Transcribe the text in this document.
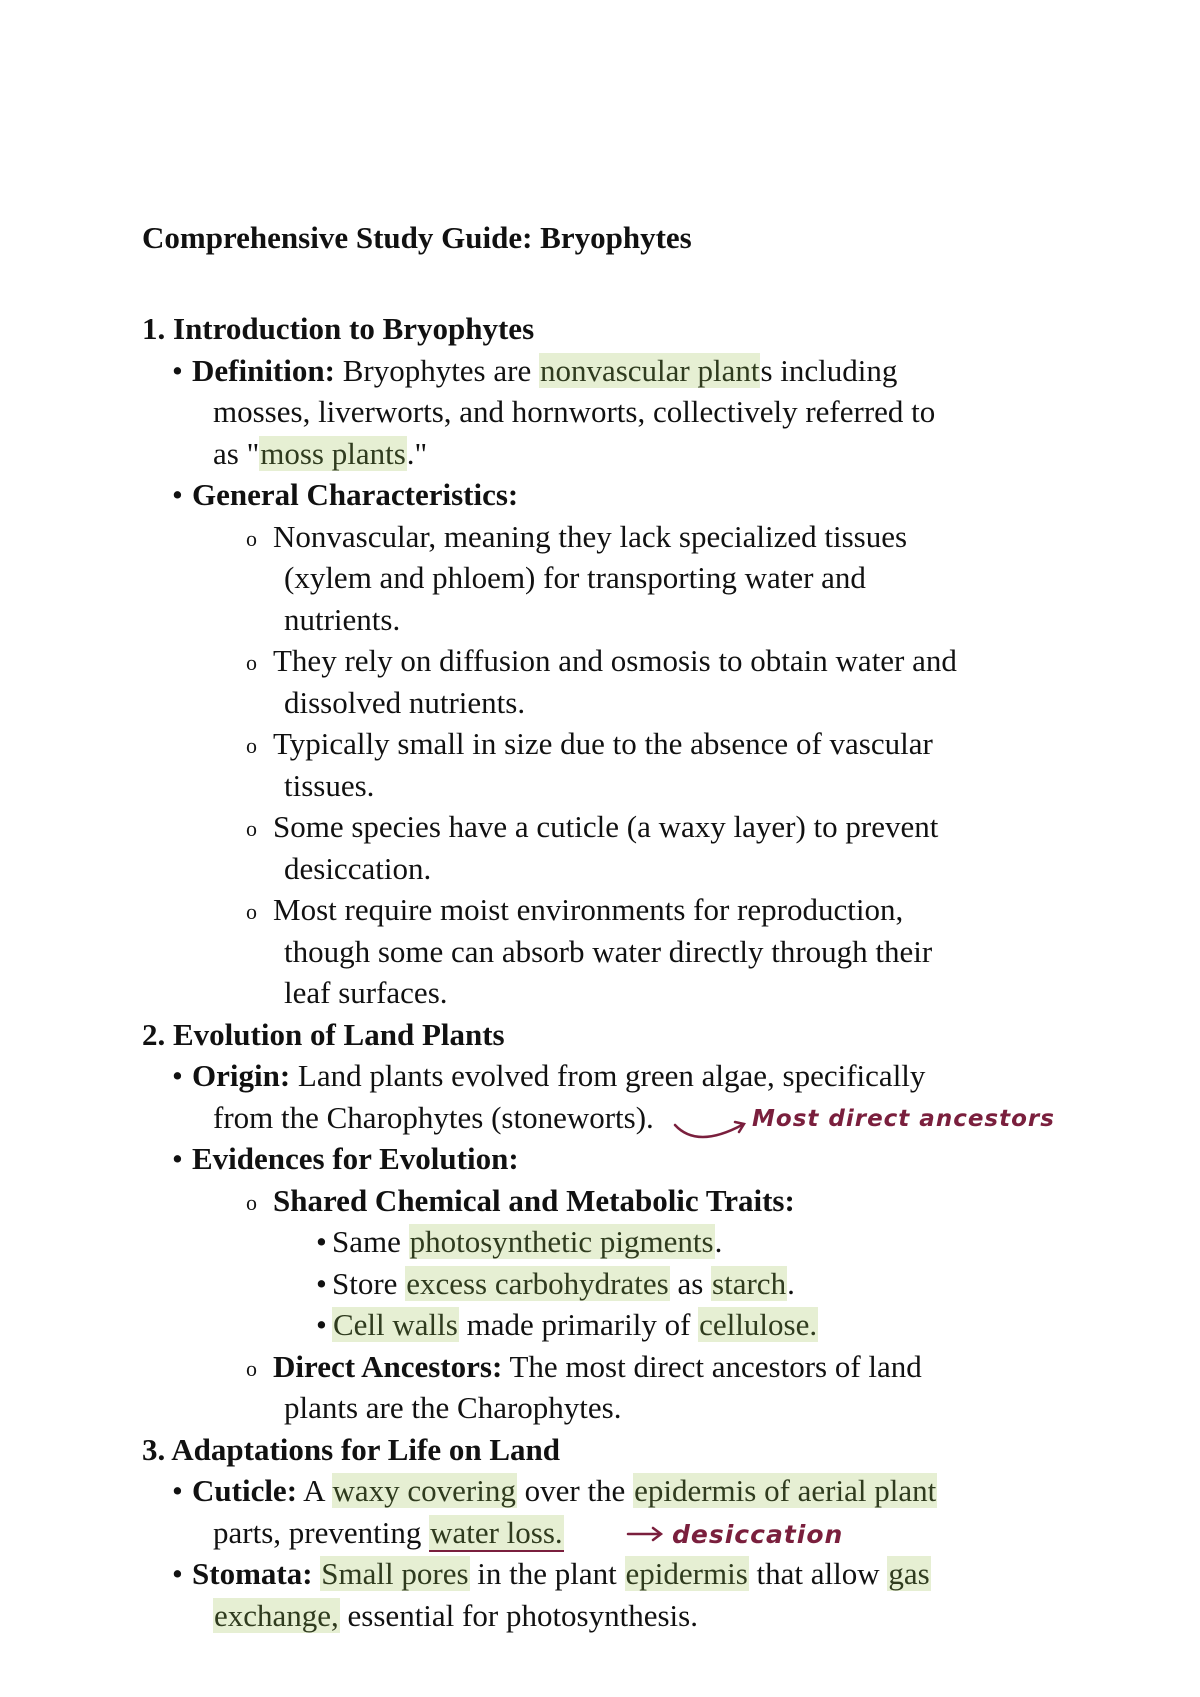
Comprehensive Study Guide: Bryophytes
1. Introduction to Bryophytes
• Definition: Bryophytes are nonvascular plants including
mosses, liverworts, and hornworts, collectively referred to
as "moss plants."
• General Characteristics:
o Nonvascular, meaning they lack specialized tissues
(xylem and phloem) for transporting water and
nutrients.
o They rely on diffusion and osmosis to obtain water and
dissolved nutrients.
o Typically small in size due to the absence of vascular
tissues.
o Some species have a cuticle (a waxy layer) to prevent
desiccation.
o Most require moist environments for reproduction,
though some can absorb water directly through their
leaf surfaces.
2. Evolution of Land Plants
• Origin: Land plants evolved from green algae, specifically
from the Charophytes (stoneworts).	Most direct ancestors
• Evidences for Evolution:
o Shared Chemical and Metabolic Traits:
• Same photosynthetic pigments.
• Store excess carbohydrates as starch.
• Cell walls made primarily of cellulose.
o Direct Ancestors: The most direct ancestors of land
plants are the Charophytes.
3. Adaptations for Life on Land
• Cuticle: A waxy covering over the epidermis of aerial plant
parts, preventing water loss.	desiccation
• Stomata: Small pores in the plant epidermis that allow gas
exchange, essential for photosynthesis.
